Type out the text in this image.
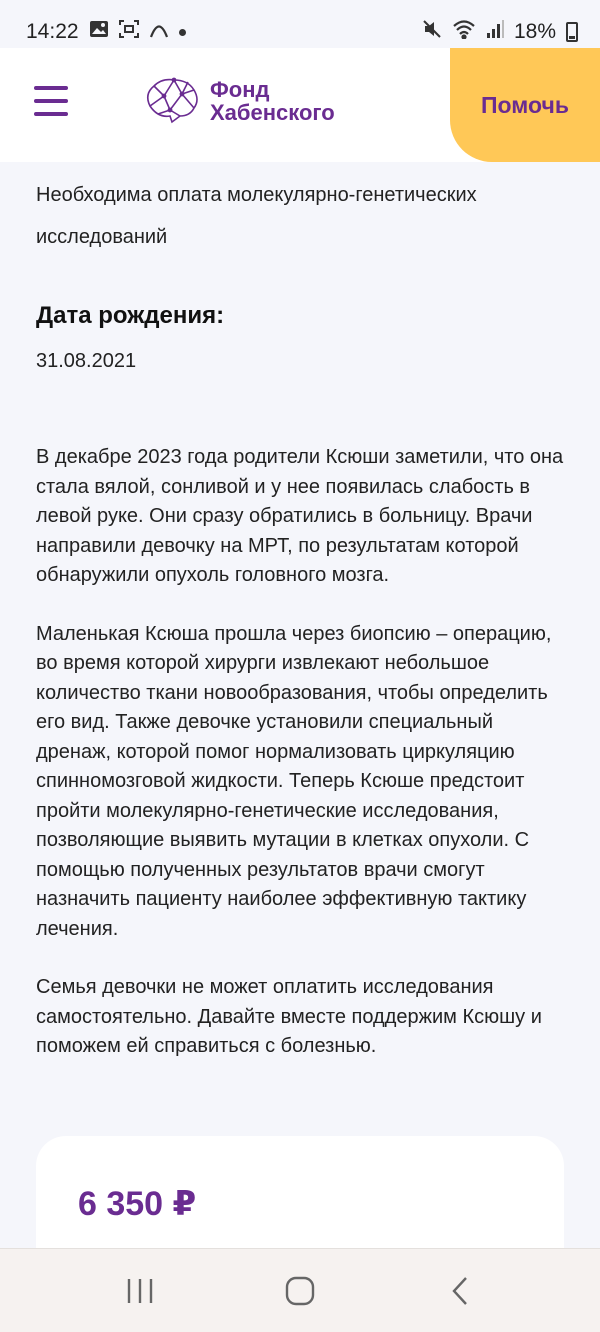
14:22	18%
Фонд
Хабенского	Помочь
Необходима оплата молекулярно-генетических исследований
Дата рождения:
31.08.2021

В декабре 2023 года родители Ксюши заметили, что она стала вялой, сонливой и у нее появилась слабость в левой руке. Они сразу обратились в больницу. Врачи направили девочку на МРТ, по результатам которой обнаружили опухоль головного мозга.

Маленькая Ксюша прошла через биопсию – операцию, во время которой хирурги извлекают небольшое количество ткани новообразования, чтобы определить его вид. Также девочке установили специальный дренаж, которой помог нормализовать циркуляцию спинномозговой жидкости. Теперь Ксюше предстоит пройти молекулярно-генетические исследования, позволяющие выявить мутации в клетках опухоли. С помощью полученных результатов врачи смогут назначить пациенту наиболее эффективную тактику лечения.

Семья девочки не может оплатить исследования самостоятельно. Давайте вместе поддержим Ксюшу и поможем ей справиться с болезнью.

6 350 ₽
